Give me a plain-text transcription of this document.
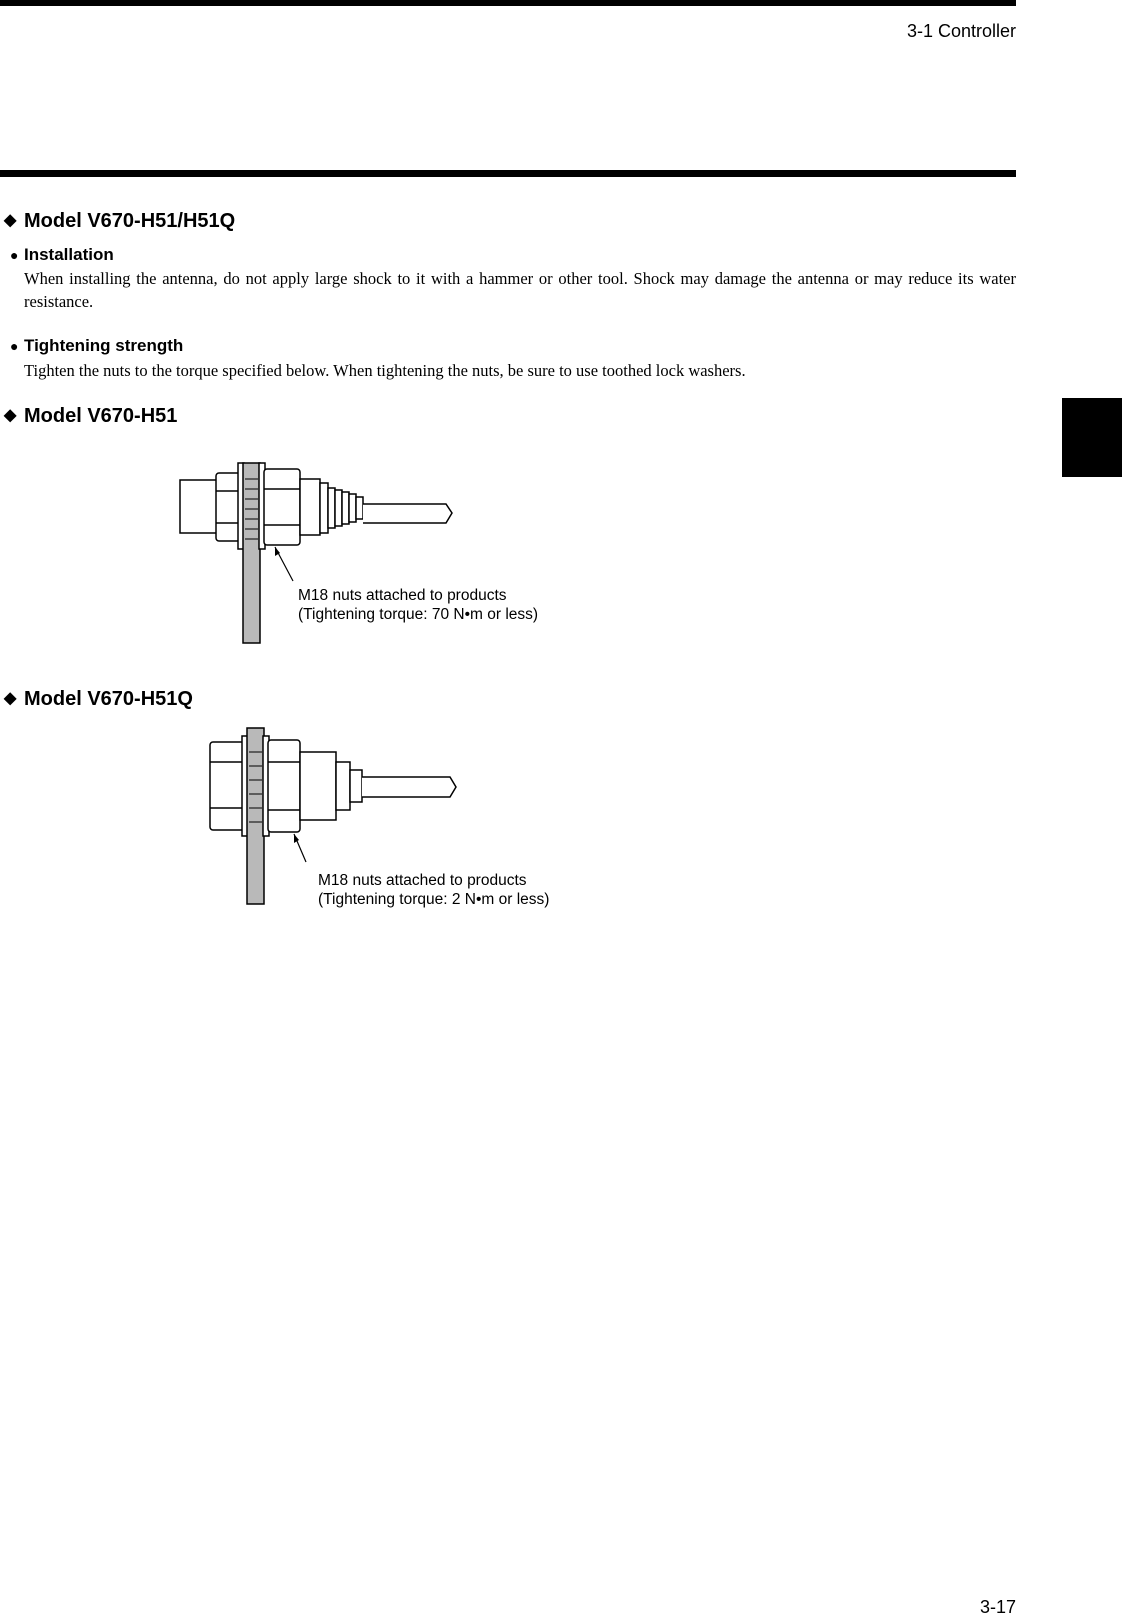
3-1 Controller
◆ Model V670-H51/H51Q
● Installation
When installing the antenna, do not apply large shock to it with a hammer or other tool. Shock may damage the antenna or may reduce its water resistance.
● Tightening strength
Tighten the nuts to the torque specified below. When tightening the nuts, be sure to use toothed lock washers.
◆ Model V670-H51
M18 nuts attached to products
(Tightening torque: 70 N•m or less)
◆ Model V670-H51Q
M18 nuts attached to products
(Tightening torque: 2 N•m or less)
3-17
